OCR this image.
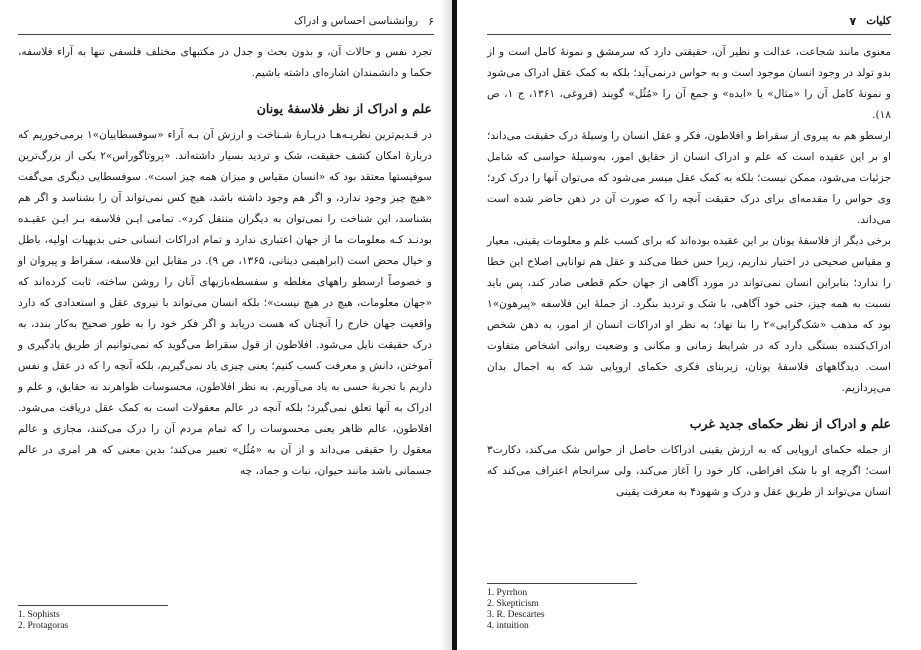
۶
روانشناسی احساس و ادراک

تجرد نفس و حالات آن، و بدون بحث و جدل در مکتبهای مختلف فلسفی تنها به آراء فلاسفه، حکما و دانشمندان اشاره‌ای داشته باشیم.

علم و ادراک از نظر فلاسفهٔ یونان

در قـدیم‌ترین نظریـه‌هـا دربـارهٔ شـناخت و ارزش آن بـه آراء «سوفسطاییان»۱ برمی‌خوریم که دربارهٔ امکان کشف حقیقت، شک و تردید بسیار داشته‌اند. «پروتاگوراس»۲ یکی از بزرگ‌ترین سوفیستها معتقد بود که «انسان مقیاس و میزان همه چیز است». سوفسطایی دیگری می‌گفت «هیچ چیز وجود ندارد، و اگر هم وجود داشته باشد، هیچ کس نمی‌تواند آن را بشناسد و اگر هم بشناسد، این شناخت را نمی‌توان به دیگران منتقل کرد». تمامی ایـن فلاسفه بـر ایـن عقیـده بودنـد کـه معلومات ما از جهان اعتباری ندارد و تمام ادراکات انسانی حتی بدیهیات اولیه، باطل و خیال محض است (ابراهیمی دینانی، ۱۳۶۵، ص ۹). در مقابل این فلاسفه، سقراط و پیروان او و خصوصاً ارسطو راههای مغلطه و سفسطه‌بازیهای آنان را روشن ساخته، ثابت کرده‌اند که «جهان معلومات، هیچ در هیچ نیست»؛ بلکه انسان می‌تواند با نیروی عقل و استعدادی که دارد واقعیت جهان خارج را آنچنان که هست دریابد و اگر فکر خود را به طور صحیح به‌کار بندد، به درک حقیقت نایل می‌شود. افلاطون از قول سقراط می‌گوید که نمی‌توانیم از طریق یادگیری و آموختن، دانش و معرفت کسب کنیم؛ یعنی چیزی یاد نمی‌گیریم، بلکه آنچه را که در عقل و نفس داریم با تجربهٔ حسی به یاد می‌آوریم. به نظر افلاطون، محسوسات ظواهرند نه حقایق، و علم و ادراک به آنها تعلق نمی‌گیرد؛ بلکه آنچه در عالم معقولات است به کمک عقل دریافت می‌شود. افلاطون، عالم ظاهر یعنی محسوسات را که تمام مردم آن را درک می‌کنند، مجازی و عالم معقول را حقیقی می‌داند و از آن به «مُثُل» تعبیر می‌کند؛ بدین معنی که هر امری در عالم جسمانی باشد مانند حیوان، نبات و جماد، چه

1. Sophists
2. Protagoras
کلیات
۷

معنوی مانند شجاعت، عدالت و نظیر آن، حقیقتی دارد که سرمشق و نمونهٔ کامل است و از بدو تولد در وجود انسان موجود است و به حواس درنمی‌آید؛ بلکه به کمک عقل ادراک می‌شود و نمونهٔ کامل آن را «مثال» یا «ایده» و جمع آن را «مُثُل» گویند (فروغی، ۱۳۶۱، ج ۱، ص ۱۸).

ارسطو هم به پیروی از سقراط و افلاطون، فکر و عقل انسان را وسیلهٔ درک حقیقت می‌داند؛ او بر این عقیده است که علم و ادراک انسان از حقایق امور، به‌وسیلهٔ حواسی که شامل جزئیات می‌شود، ممکن نیست؛ بلکه به کمک عقل میسر می‌شود که می‌توان آنها را درک کرد؛ وی حواس را مقدمه‌ای برای درک حقیقت آنچه را که صورت آن در ذهن حاضر شده است می‌داند.

برخی دیگر از فلاسفهٔ یونان بر این عقیده بوده‌اند که برای کسب علم و معلومات یقینی، معیار و مقیاس صحیحی در اختیار نداریم، زیرا حس خطا می‌کند و عقل هم توانایی اصلاح این خطا را ندارد؛ بنابراین انسان نمی‌تواند در مورد آگاهی از جهان حکم قطعی صادر کند، پس باید نسبت به همه چیز، حتی خود آگاهی، با شک و تردید بنگرد. از جملهٔ این فلاسفه «پیرهون»۱ بود که مذهب «شک‌گرایی»۲ را بنا نهاد؛ به نظر او ادراکات انسان از امور، به ذهن شخص ادراک‌کننده بستگی دارد که در شرایط زمانی و مکانی و وضعیت روانی اشخاص متفاوت است. دیدگاههای فلاسفهٔ یونان، زیربنای فکری حکمای اروپایی شد که به اجمال بدان می‌پردازیم.

علم و ادراک از نظر حکمای جدید غرب

از جمله حکمای اروپایی که به ارزش یقینی ادراکات حاصل از حواس شک می‌کند، دکارت۳ است؛ اگرچه او با شک افراطی، کار خود را آغاز می‌کند، ولی سرانجام اعتراف می‌کند که انسان می‌تواند از طریق عقل و درک و شهود۴ به معرفت یقینی

1. Pyrrhon
2. Skepticism
3. R. Descartes
4. intuition
